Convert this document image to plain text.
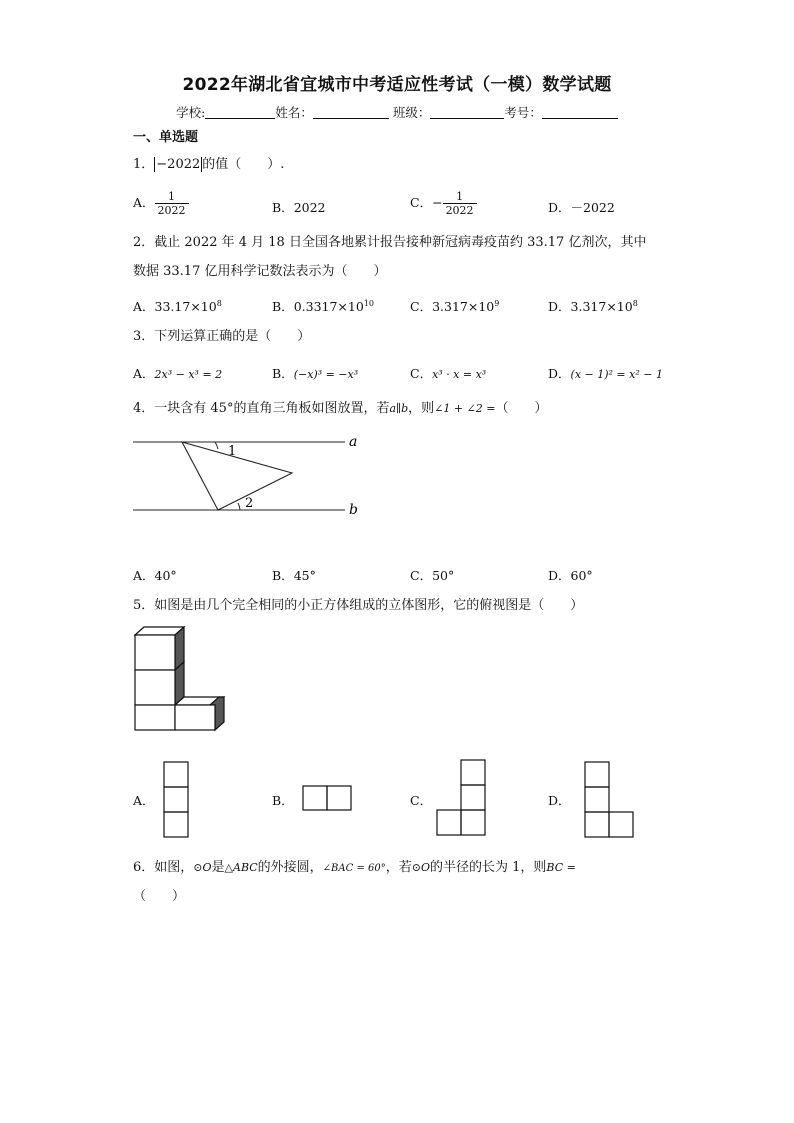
2022年湖北省宜城市中考适应性考试（一模）数学试题
学校:	姓名：	班级：	考号：
一、单选题
1． −2022 的值（　　）.
A． $\frac{1}{2022}$	B．2022	C．− $\frac{1}{2022}$	D．－2022
2．截止 2022 年 4 月 18 日全国各地累计报告接种新冠病毒疫苗约 33.17 亿剂次，其中
数据 33.17 亿用科学记数法表示为（　　）
A．$33.17\times 10^8$	B．$0.3317\times 10^{10}$	C．$3.317\times 10^9$	D．$3.317\times 10^8$
3．下列运算正确的是（　　）
A．2x³ − x³ = 2	B．(−x)³ = −x³	C．x³ · x = x³	D．(x − 1)² = x² − 1
4．一块含有 45°的直角三角板如图放置，若a∥b，则∠1 + ∠2 =（　　）
1
2
a
b
A．40°	B．45°	C．50°	D．60°
5．如图是由几个完全相同的小正方体组成的立体图形，它的俯视图是（　　）
A．	B．	C．	D．
6．如图，⊙O是△ABC的外接圆，∠BAC = 60°，若⊙O的半径的长为 1，则BC =
（　　）
